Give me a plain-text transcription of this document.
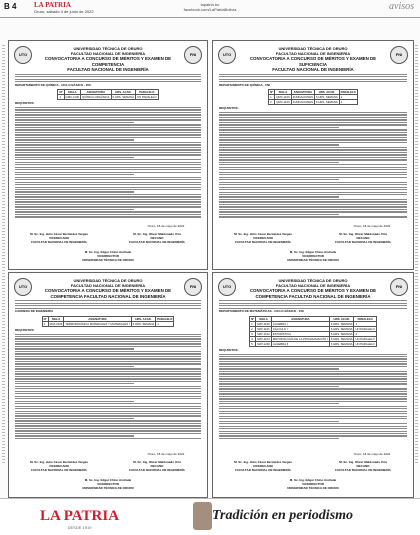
B 4	LA PATRIA
Oruro, sábado 4 de junio de 2022
lapatria.bo
facebook.com/LaPatriaBolivia	avisos
UTO	FNI
UNIVERSIDAD TÉCNICA DE ORURO
FACULTAD NACIONAL DE INGENIERÍA
CONVOCATORIA A CONCURSO DE MÉRITOS Y EXAMEN DE COMPETENCIA
FACULTAD NACIONAL DE INGENIERÍA
DEPARTAMENTO DE QUÍMICA - CICLO BÁSICO - FNI
Nº	SIGLA	ASIGNATURA	HRS. ACAD.	PARALELO
1	QMC-1100	QUÍMICA ORGÁNICA	6 HRS. SEMANA	UN PARALELO
REQUISITOS:
Oruro, 18 de mayo de 2022
M. Sc. Ing. Julio César Bermúdez Vargas
VICEDECANO
FACULTAD NACIONAL DE INGENIERÍA
M. Sc. Ing. Oliver Maldonado Uria
DECANO
FACULTAD NACIONAL DE INGENIERÍA
M. Sc. Ing. Edgar Chino Andrade
VICERRECTOR
UNIVERSIDAD TÉCNICA DE ORURO
UTO	FNI
UNIVERSIDAD TÉCNICA DE ORURO
FACULTAD NACIONAL DE INGENIERÍA
CONVOCATORIA A CONCURSO DE MÉRITOS Y EXAMEN DE SUFICIENCIA
FACULTAD NACIONAL DE INGENIERÍA
DEPARTAMENTO DE QUÍMICA - FNI
Nº	SIGLA	ASIGNATURA	HRS. ACAD.	PARALELO
1	QMC-1100	FUNDACIONES	6 HRS. SEMANA	1
2	QMC-1100	FUNDACIONES	6 HRS. SEMANA	1
REQUISITOS:
Oruro, 18 de mayo de 2022
M. Sc. Ing. Julio César Bermúdez Vargas
VICEDECANO
FACULTAD NACIONAL DE INGENIERÍA
M. Sc. Ing. Oliver Maldonado Uria
DECANO
FACULTAD NACIONAL DE INGENIERÍA
M. Sc. Ing. Edgar Chino Andrade
VICERRECTOR
UNIVERSIDAD TÉCNICA DE ORURO
UTO	FNI
UNIVERSIDAD TÉCNICA DE ORURO
FACULTAD NACIONAL DE INGENIERÍA
CONVOCATORIA A CONCURSO DE MÉRITOS Y EXAMEN DE COMPETENCIA FACULTAD NACIONAL DE INGENIERÍA
CARRERA DE INGENIERÍA
Nº	SIGLA	ASIGNATURA	HRS. ACAD.	PARALELO
1	MAT-2206	TERMODINÁMICA MATERIALES Y MATERIALES I	6 HRS. SEMANA	1
REQUISITOS:
Oruro, 18 de mayo de 2022
M. Sc. Ing. Julio César Bermúdez Vargas
VICEDECANO
FACULTAD NACIONAL DE INGENIERÍA
M. Sc. Ing. Oliver Maldonado Uria
DECANO
FACULTAD NACIONAL DE INGENIERÍA
M. Sc. Ing. Edgar Chino Andrade
VICERRECTOR
UNIVERSIDAD TÉCNICA DE ORURO
UTO	FNI
UNIVERSIDAD TÉCNICA DE ORURO
FACULTAD NACIONAL DE INGENIERÍA
CONVOCATORIA A CONCURSO DE MÉRITOS Y EXAMEN DE COMPETENCIA FACULTAD NACIONAL DE INGENIERÍA
DEPARTAMENTO DE MATEMÁTICAS - CICLO BÁSICO - FNI
Nº	SIGLA	ASIGNATURA	HRS. ACAD.	PARALELO
1	MAT-1100	ÁLGEBRA I	6 HRS. SEMANA	1
2	MAT-1101	CÁLCULO I	6 HRS. SEMANA	UN PARALELO
3	MAT-1102	ESTADÍSTICA	6 HRS. SEMANA	1
4	MAT-1104	METODOLOGÍA DE LA PROGRAMACIÓN I	6 HRS. SEMANA	UN PARALELO
5	MAT-1200	ÁLGEBRA II	6 HRS. SEMANA	UN PARALELO
REQUISITOS:
Oruro, 18 de mayo de 2022
M. Sc. Ing. Julio César Bermúdez Vargas
VICEDECANO
FACULTAD NACIONAL DE INGENIERÍA
M. Sc. Ing. Oliver Maldonado Uria
DECANO
FACULTAD NACIONAL DE INGENIERÍA
M. Sc. Ing. Edgar Chino Andrade
VICERRECTOR
UNIVERSIDAD TÉCNICA DE ORURO
LA PATRIA
DESDE 1919
Tradición en periodismo
